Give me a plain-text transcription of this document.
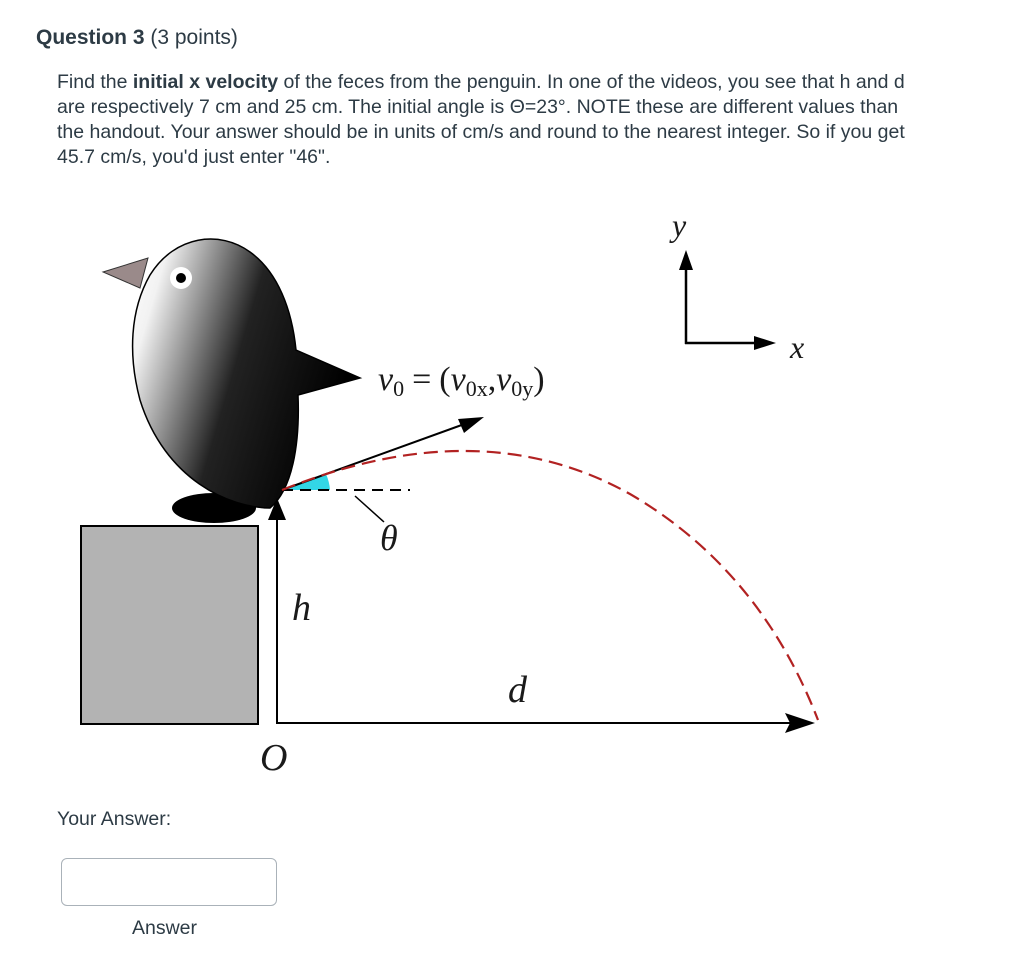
Question 3 (3 points)
Find the initial x velocity of the feces from the penguin. In one of the videos, you see that h and d are respectively 7 cm and 25 cm. The initial angle is Θ=23°. NOTE these are different values than the handout. Your answer should be in units of cm/s and round to the nearest integer. So if you get 45.7 cm/s, you'd just enter "46".
y
x
v0 = (v0x,v0y)
θ
h
d
O
Your Answer:
Answer
